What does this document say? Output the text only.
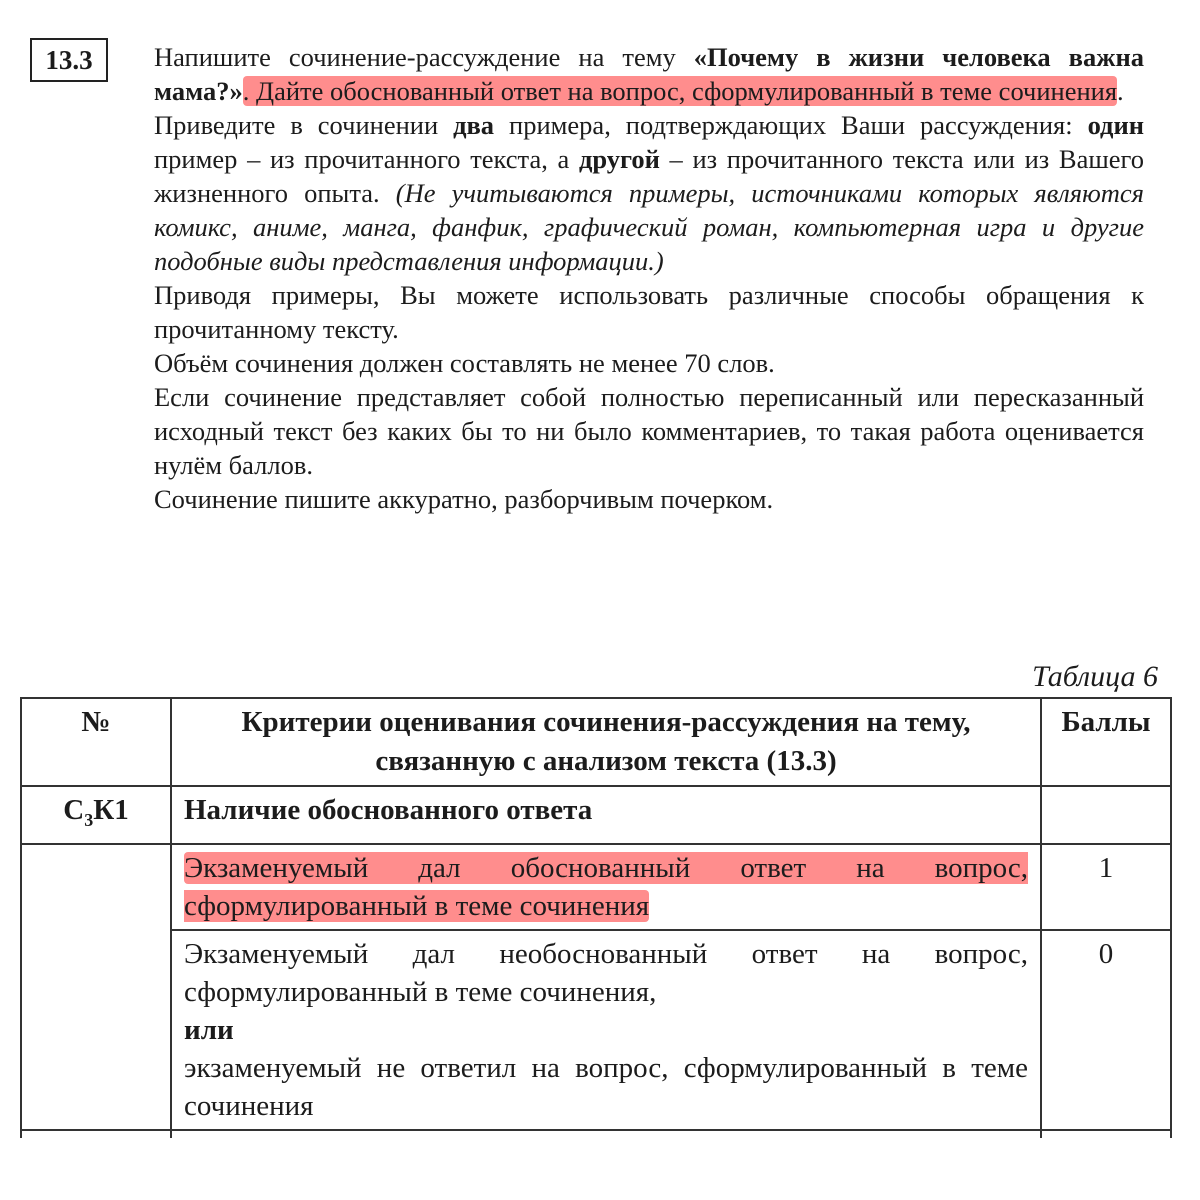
13.3	Напишите сочинение-рассуждение на тему «Почему в жизни человека важна мама?». Дайте обоснованный ответ на вопрос, сформулированный в теме сочинения.

Приведите в сочинении два примера, подтверждающих Ваши рассуждения: один пример – из прочитанного текста, а другой – из прочитанного текста или из Вашего жизненного опыта. (Не учитываются примеры, источниками которых являются комикс, аниме, манга, фанфик, графический роман, компьютерная игра и другие подобные виды представления информации.)

Приводя примеры, Вы можете использовать различные способы обращения к прочитанному тексту.

Объём сочинения должен составлять не менее 70 слов.

Если сочинение представляет собой полностью переписанный или пересказанный исходный текст без каких бы то ни было комментариев, то такая работа оценивается нулём баллов.

Сочинение пишите аккуратно, разборчивым почерком.

Таблица 6
№	Критерии оценивания сочинения-рассуждения на тему, связанную с анализом текста (13.3)	Баллы
$С_3К1$	Наличие обоснованного ответа	
	Экзаменуемый дал обоснованный ответ на вопрос, сформулированный в теме сочинения	1

	Экзаменуемый дал необоснованный ответ на вопрос, сформулированный в теме сочинения,
или
экзаменуемый не ответил на вопрос, сформулированный в теме сочинения	0
